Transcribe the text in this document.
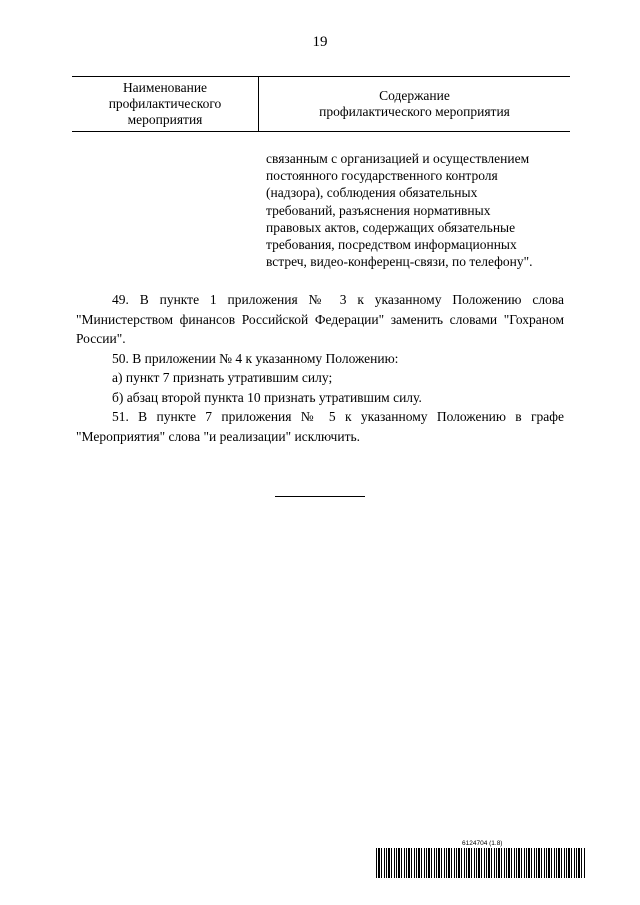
19
Наименование
профилактического
мероприятия
Содержание
профилактического мероприятия
связанным с организацией и осуществлением
постоянного государственного контроля
(надзора), соблюдения обязательных
требований, разъяснения нормативных
правовых актов, содержащих обязательные
требования, посредством информационных
встреч, видео-конференц-связи, по телефону".

49. В пункте 1 приложения № 3 к указанному Положению слова "Министерством финансов Российской Федерации" заменить словами "Гохраном России".

50. В приложении № 4 к указанному Положению:

а) пункт 7 признать утратившим силу;

б) абзац второй пункта 10 признать утратившим силу.

51. В пункте 7 приложения № 5 к указанному Положению в графе "Мероприятия" слова "и реализации" исключить.

6124704 (1.8)
